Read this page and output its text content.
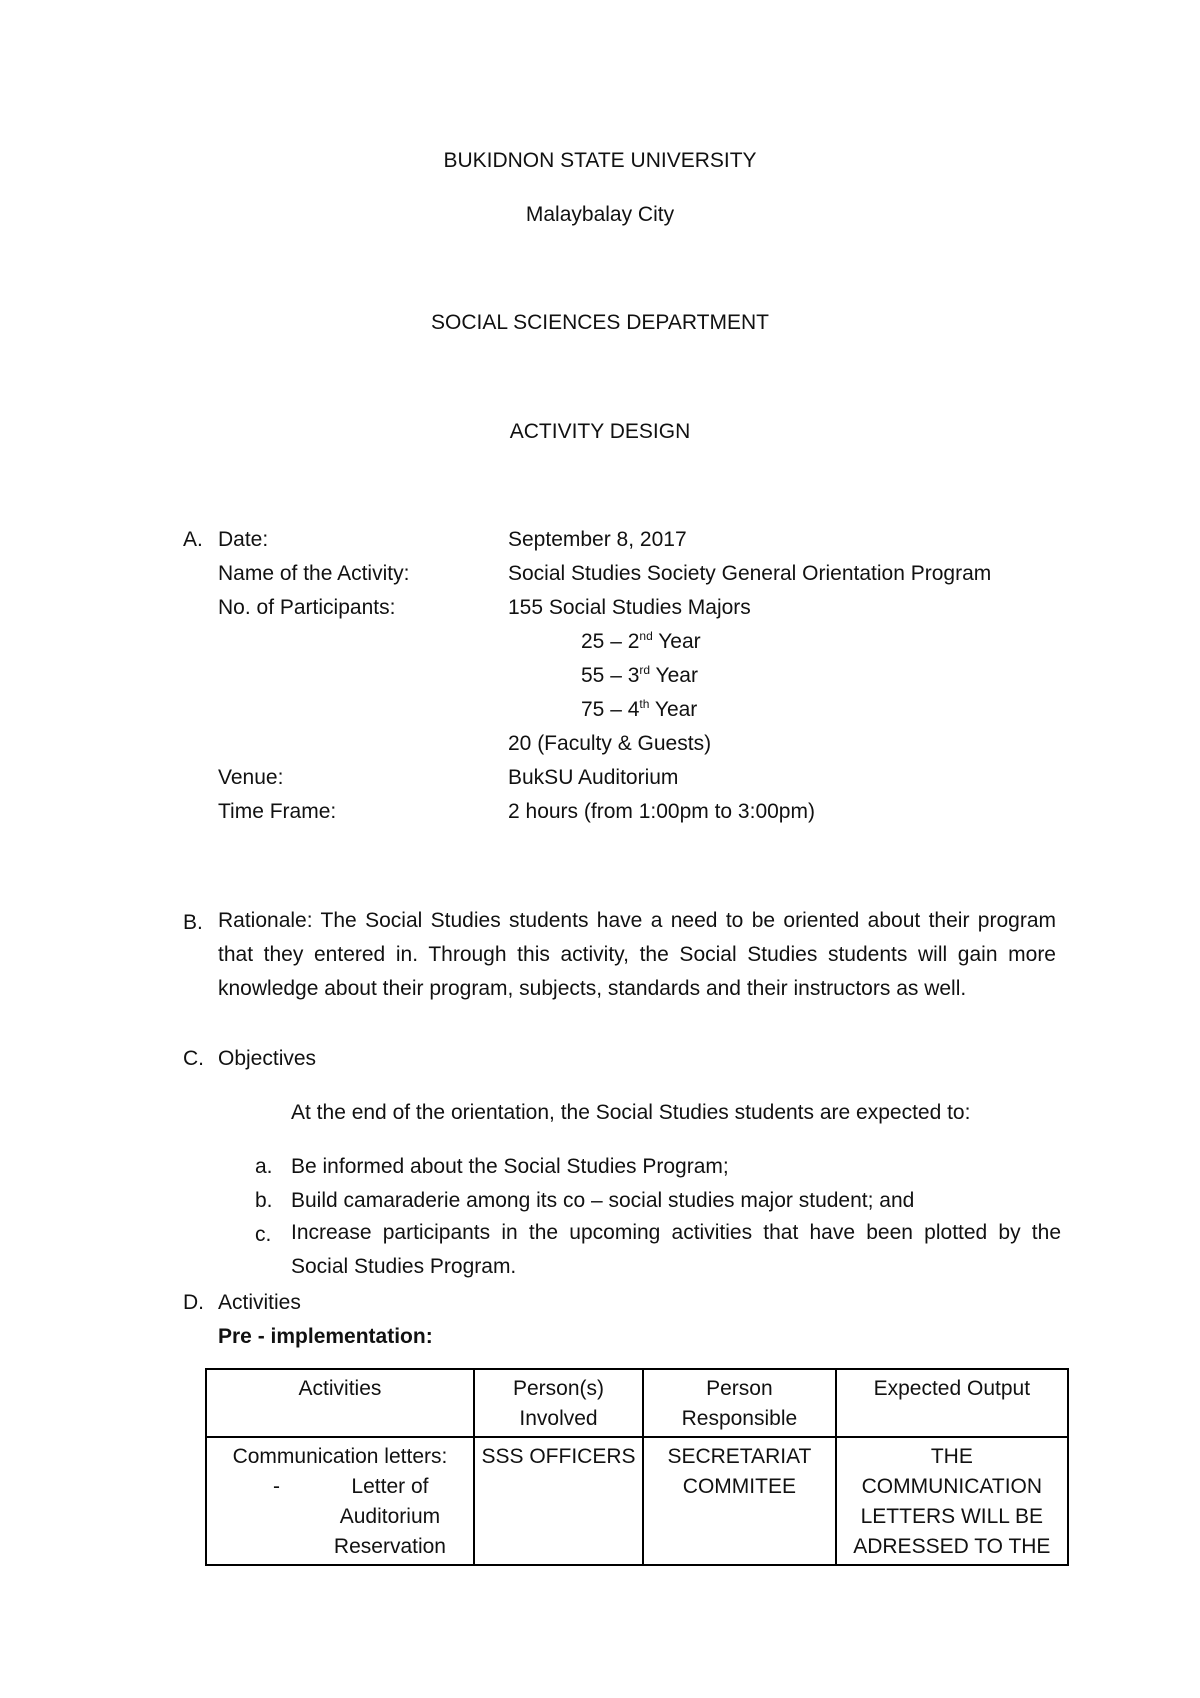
BUKIDNON STATE UNIVERSITY
Malaybalay City
SOCIAL SCIENCES DEPARTMENT
ACTIVITY DESIGN
A. Date:	September 8, 2017
Name of the Activity:	Social Studies Society General Orientation Program
No. of Participants:	155 Social Studies Majors
25 – 2nd Year
55 – 3rd Year
75 – 4th Year
20 (Faculty & Guests)
Venue:	BukSU Auditorium
Time Frame:	2 hours (from 1:00pm to 3:00pm)
B. Rationale: The Social Studies students have a need to be oriented about their program that they entered in. Through this activity, the Social Studies students will gain more knowledge about their program, subjects, standards and their instructors as well.
C. Objectives
At the end of the orientation, the Social Studies students are expected to:
a. Be informed about the Social Studies Program;
b. Build camaraderie among its co – social studies major student; and
c. Increase participants in the upcoming activities that have been plotted by the Social Studies Program.
D. Activities
Pre - implementation:
Activities	Person(s) Involved	Person Responsible	Expected Output

Communication letters:
- Letter of Auditorium Reservation	SSS OFFICERS	SECRETARIAT COMMITEE	THE COMMUNICATION LETTERS WILL BE ADRESSED TO THE
